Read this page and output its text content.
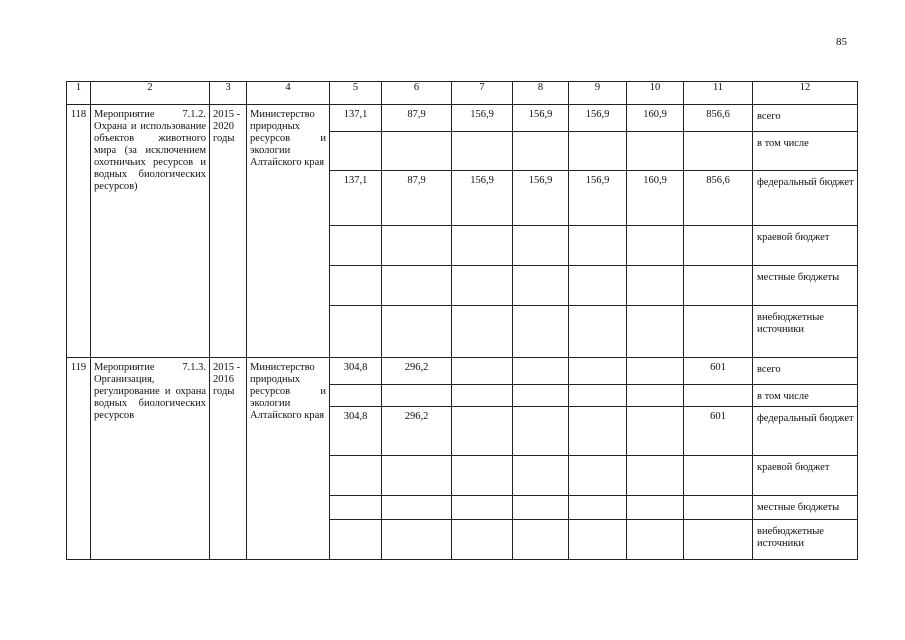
85
1	2	3	4	5	6	7	8	9	10	11	12
118	Мероприятие 7.1.2. Охрана и использование объектов животного мира (за исключением охотничьих ресурсов и водных биологических ресурсов)	2015 - 2020 годы	Министерство природных ресурсов и экологии Алтайского края	137,1	87,9	156,9	156,9	156,9	160,9	856,6	всего
											в том числе
				137,1	87,9	156,9	156,9	156,9	160,9	856,6	федеральный бюджет
											краевой бюджет
											местные бюджеты
											внебюджетные источники
119	Мероприятие 7.1.3. Организация, регулирование и охрана водных биологических ресурсов	2015 - 2016 годы	Министерство природных ресурсов и экологии Алтайского края	304,8	296,2					601	всего
											в том числе
				304,8	296,2					601	федеральный бюджет
											краевой бюджет
											местные бюджеты
											внебюджетные источники
